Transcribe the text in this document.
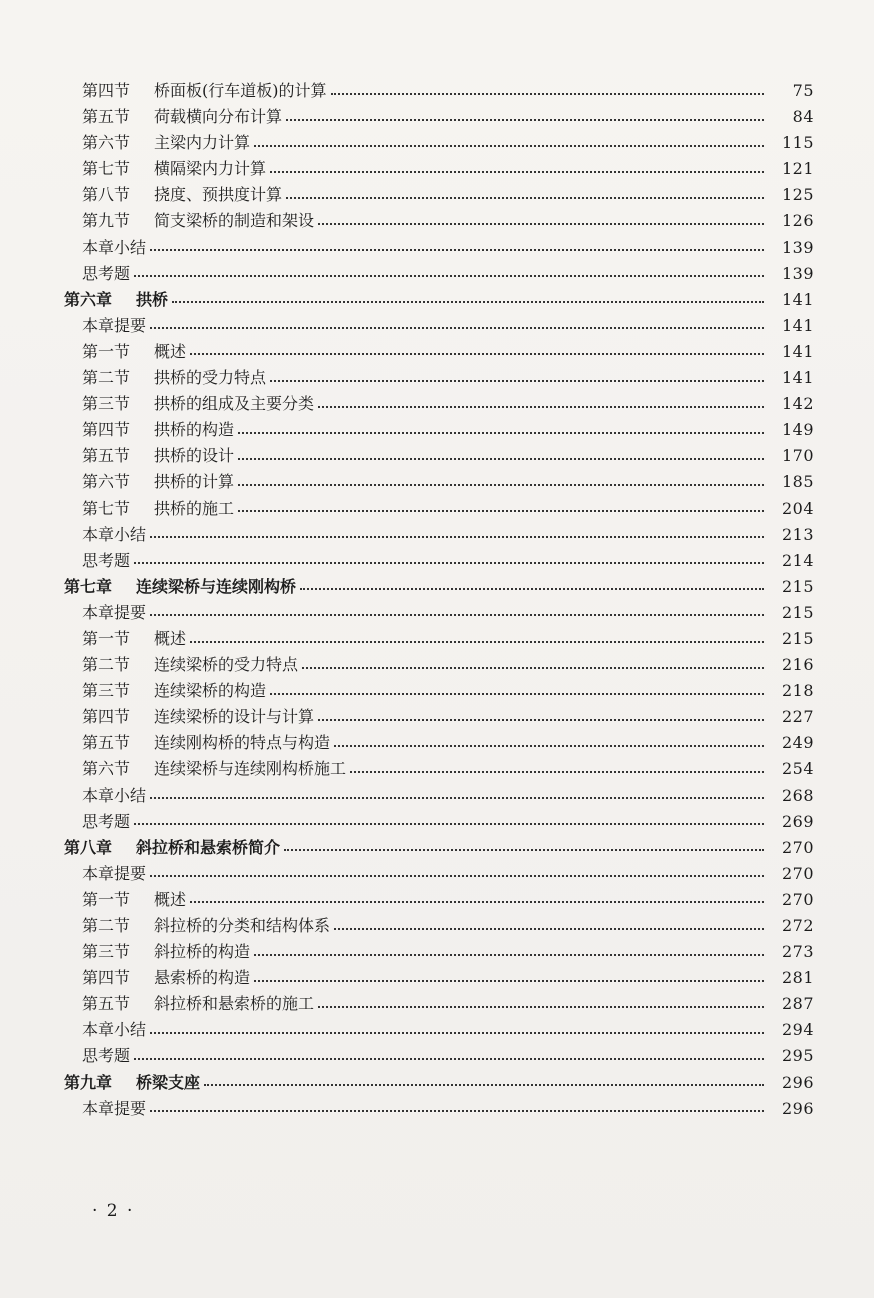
第四节 桥面板(行车道板)的计算	75
第五节 荷载横向分布计算	84
第六节 主梁内力计算	115
第七节 横隔梁内力计算	121
第八节 挠度、预拱度计算	125
第九节 简支梁桥的制造和架设	126
本章小结	139
思考题	139
第六章 拱桥	141
本章提要	141
第一节 概述	141
第二节 拱桥的受力特点	141
第三节 拱桥的组成及主要分类	142
第四节 拱桥的构造	149
第五节 拱桥的设计	170
第六节 拱桥的计算	185
第七节 拱桥的施工	204
本章小结	213
思考题	214
第七章 连续梁桥与连续刚构桥	215
本章提要	215
第一节 概述	215
第二节 连续梁桥的受力特点	216
第三节 连续梁桥的构造	218
第四节 连续梁桥的设计与计算	227
第五节 连续刚构桥的特点与构造	249
第六节 连续梁桥与连续刚构桥施工	254
本章小结	268
思考题	269
第八章 斜拉桥和悬索桥简介	270
本章提要	270
第一节 概述	270
第二节 斜拉桥的分类和结构体系	272
第三节 斜拉桥的构造	273
第四节 悬索桥的构造	281
第五节 斜拉桥和悬索桥的施工	287
本章小结	294
思考题	295
第九章 桥梁支座	296
本章提要	296
· 2 ·
